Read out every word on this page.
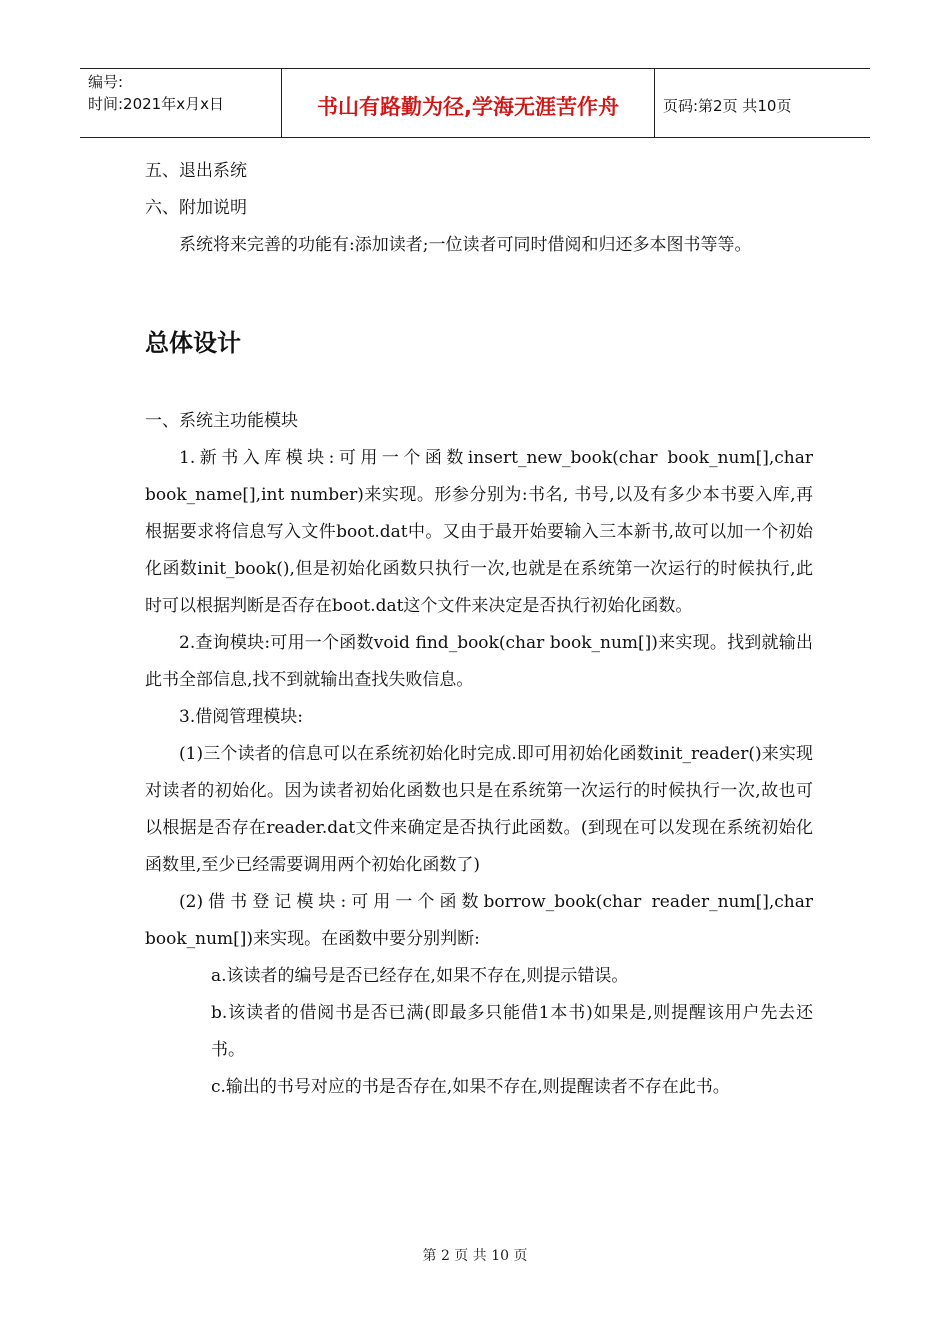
编号:
时间:2021年x月x日	书山有路勤为径,学海无涯苦作舟	页码:第2页 共10页
五、退出系统
六、附加说明

系统将来完善的功能有:添加读者;一位读者可同时借阅和归还多本图书等等。

总体设计
一、系统主功能模块

1.新书入库模块:可用一个函数insert_new_book(char book_num[],char book_name[],int number)来实现。形参分别为:书名, 书号,以及有多少本书要入库,再根据要求将信息写入文件boot.dat中。又由于最开始要输入三本新书,故可以加一个初始化函数init_book(),但是初始化函数只执行一次,也就是在系统第一次运行的时候执行,此时可以根据判断是否存在boot.dat这个文件来决定是否执行初始化函数。

2.查询模块:可用一个函数void find_book(char book_num[])来实现。找到就输出此书全部信息,找不到就输出查找失败信息。

3.借阅管理模块:

(1)三个读者的信息可以在系统初始化时完成.即可用初始化函数init_reader()来实现对读者的初始化。因为读者初始化函数也只是在系统第一次运行的时候执行一次,故也可以根据是否存在reader.dat文件来确定是否执行此函数。(到现在可以发现在系统初始化函数里,至少已经需要调用两个初始化函数了)

(2)借书登记模块:可用一个函数borrow_book(char reader_num[],char book_num[])来实现。在函数中要分别判断:

a.该读者的编号是否已经存在,如果不存在,则提示错误。

b.该读者的借阅书是否已满(即最多只能借1本书)如果是,则提醒该用户先去还书。

c.输出的书号对应的书是否存在,如果不存在,则提醒读者不存在此书。

第 2 页 共 10 页
